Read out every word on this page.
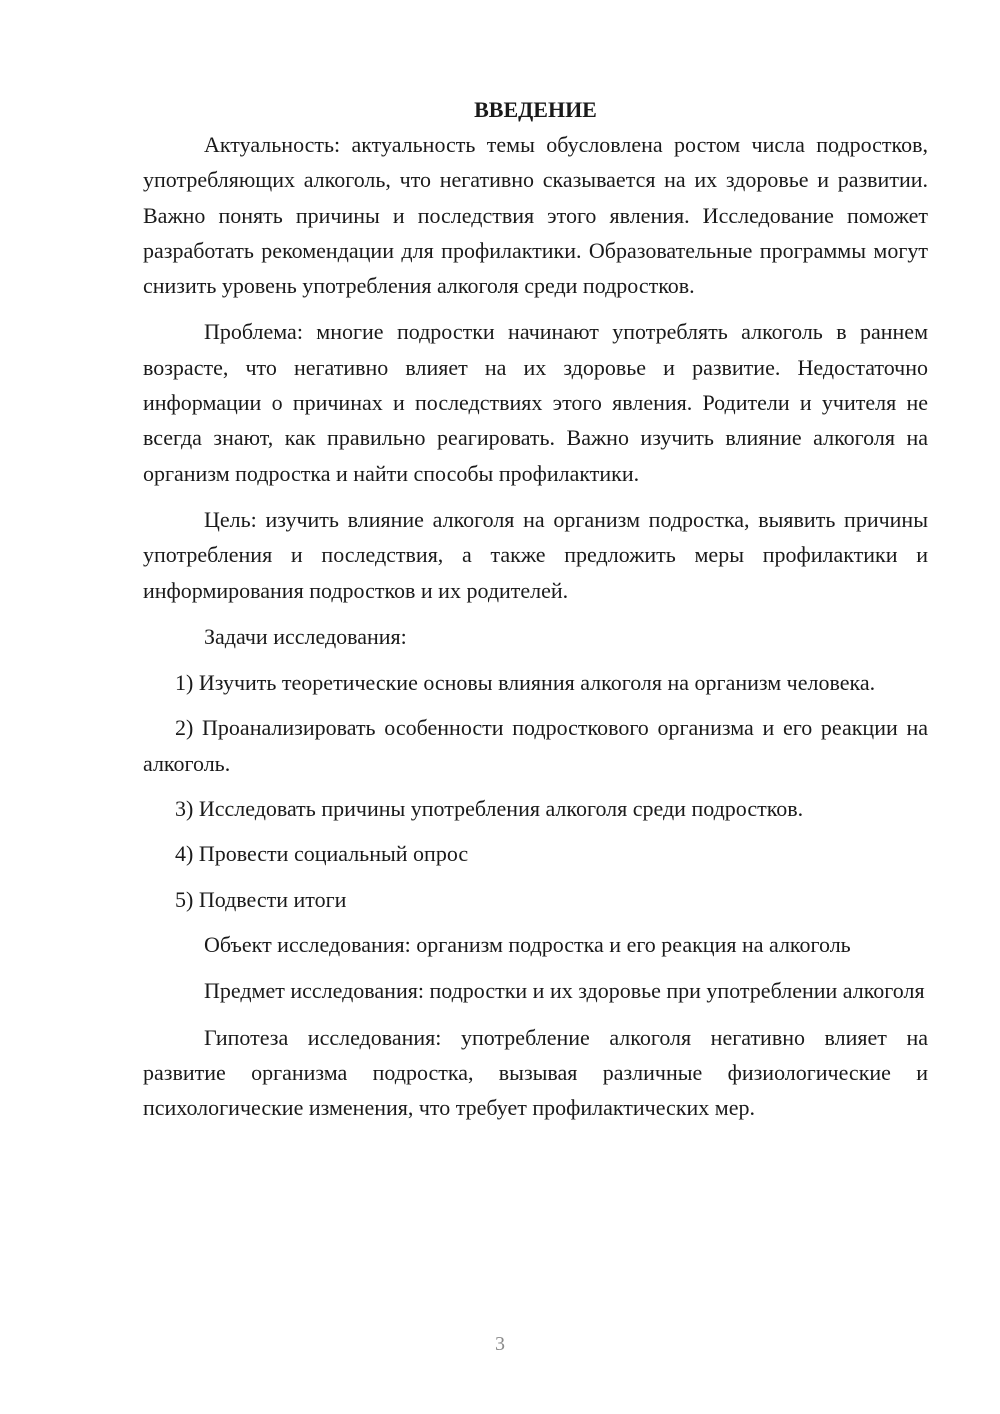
ВВЕДЕНИЕ

Актуальность: актуальность темы обусловлена ростом числа подростков, употребляющих алкоголь, что негативно сказывается на их здоровье и развитии. Важно понять причины и последствия этого явления. Исследование поможет разработать рекомендации для профилактики. Образовательные программы могут снизить уровень употребления алкоголя среди подростков.

Проблема: многие подростки начинают употреблять алкоголь в раннем возрасте, что негативно влияет на их здоровье и развитие. Недостаточно информации о причинах и последствиях этого явления. Родители и учителя не всегда знают, как правильно реагировать. Важно изучить влияние алкоголя на организм подростка и найти способы профилактики.

Цель: изучить влияние алкоголя на организм подростка, выявить причины употребления и последствия, а также предложить меры профилактики и информирования подростков и их родителей.

Задачи исследования:

1) Изучить теоретические основы влияния алкоголя на организм человека.

2) Проанализировать особенности подросткового организма и его реакции на алкоголь.

3) Исследовать причины употребления алкоголя среди подростков.

4) Провести социальный опрос

5) Подвести итоги

Объект исследования: организм подростка и его реакция на алкоголь

Предмет исследования: подростки и их здоровье при употреблении алкоголя

Гипотеза исследования: употребление алкоголя негативно влияет на развитие организма подростка, вызывая различные физиологические и психологические изменения, что требует профилактических мер.

3
